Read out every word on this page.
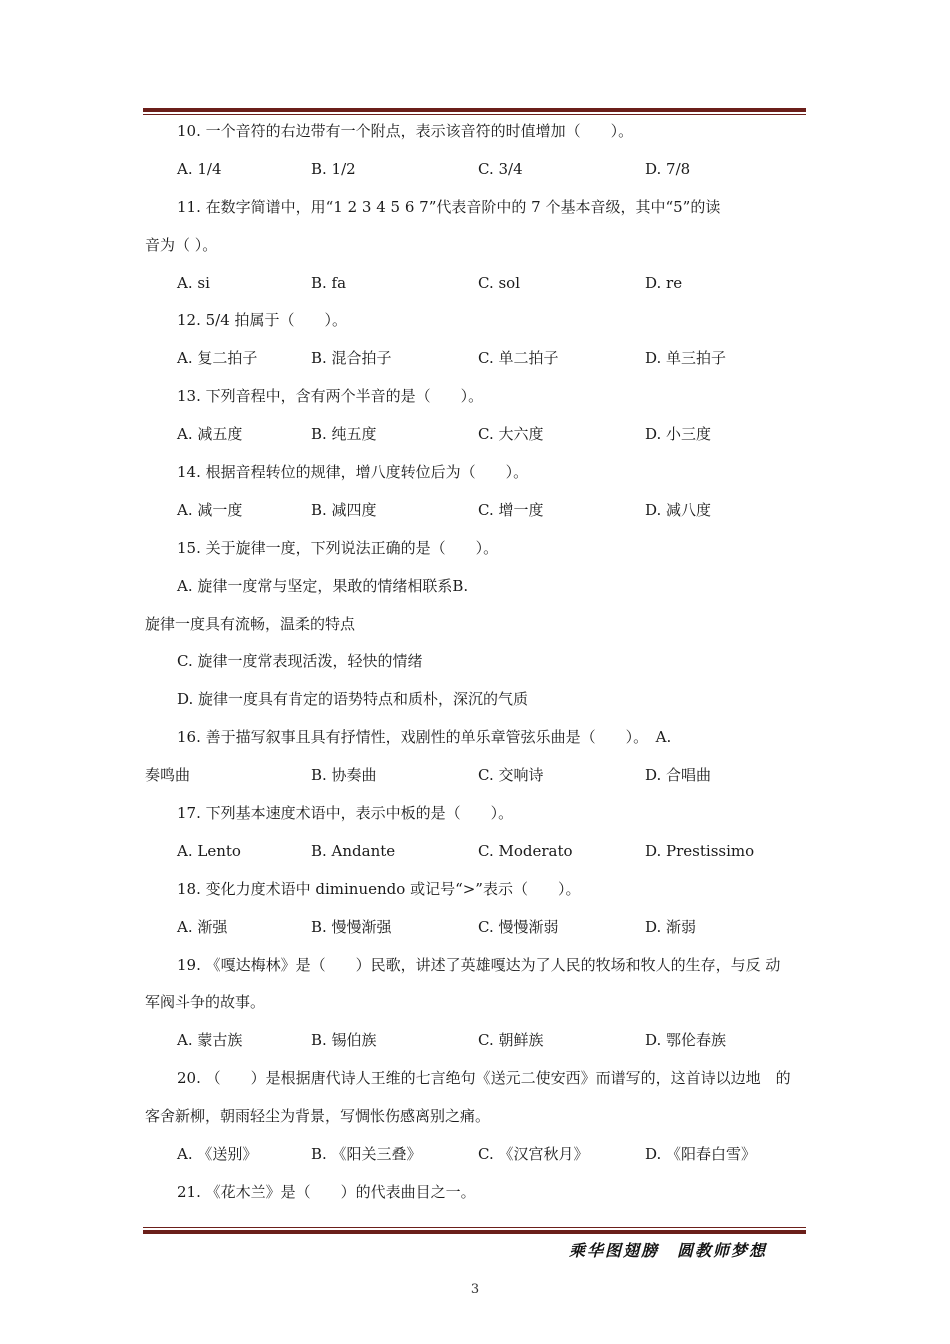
10. 一个音符的右边带有一个附点，表示该音符的时值增加（　　）。
A. 1/4	B. 1/2	C. 3/4	D. 7/8
11. 在数字简谱中，用“1 2 3 4 5 6 7”代表音阶中的 7 个基本音级，其中“5”的读
音为（ ）。
A. si	B. fa	C. sol	D. re
12. 5/4 拍属于（　　）。
A. 复二拍子	B. 混合拍子	C. 单二拍子	D. 单三拍子
13. 下列音程中，含有两个半音的是（　　）。
A. 减五度	B. 纯五度	C. 大六度	D. 小三度
14. 根据音程转位的规律，增八度转位后为（　　）。
A. 减一度	B. 减四度	C. 增一度	D. 减八度
15. 关于旋律一度，下列说法正确的是（　　）。
A. 旋律一度常与坚定，果敢的情绪相联系B.
旋律一度具有流畅，温柔的特点
C. 旋律一度常表现活泼，轻快的情绪
D. 旋律一度具有肯定的语势特点和质朴，深沉的气质
16. 善于描写叙事且具有抒情性，戏剧性的单乐章管弦乐曲是（　　）。　A.
奏鸣曲	B. 协奏曲	C. 交响诗	D. 合唱曲
17. 下列基本速度术语中，表示中板的是（　　）。
A. Lento	B. Andante	C. Moderato	D. Prestissimo
18. 变化力度术语中 diminuendo 或记号“>”表示（　　）。
A. 渐强	B. 慢慢渐强	C. 慢慢渐弱	D. 渐弱
19. 《嘎达梅林》是（　　）民歌，讲述了英雄嘎达为了人民的牧场和牧人的生存，与反 动
军阀斗争的故事。
A. 蒙古族	B. 锡伯族	C. 朝鲜族	D. 鄂伦春族
20. （　　）是根据唐代诗人王维的七言绝句《送元二使安西》而谱写的，这首诗以边地　的
客舍新柳，朝雨轻尘为背景，写惆怅伤感离别之痛。
A. 《送别》	B. 《阳关三叠》	C. 《汉宫秋月》	D. 《阳春白雪》
21. 《花木兰》是（　　）的代表曲目之一。
乘华图翅膀　圆教师梦想
3
